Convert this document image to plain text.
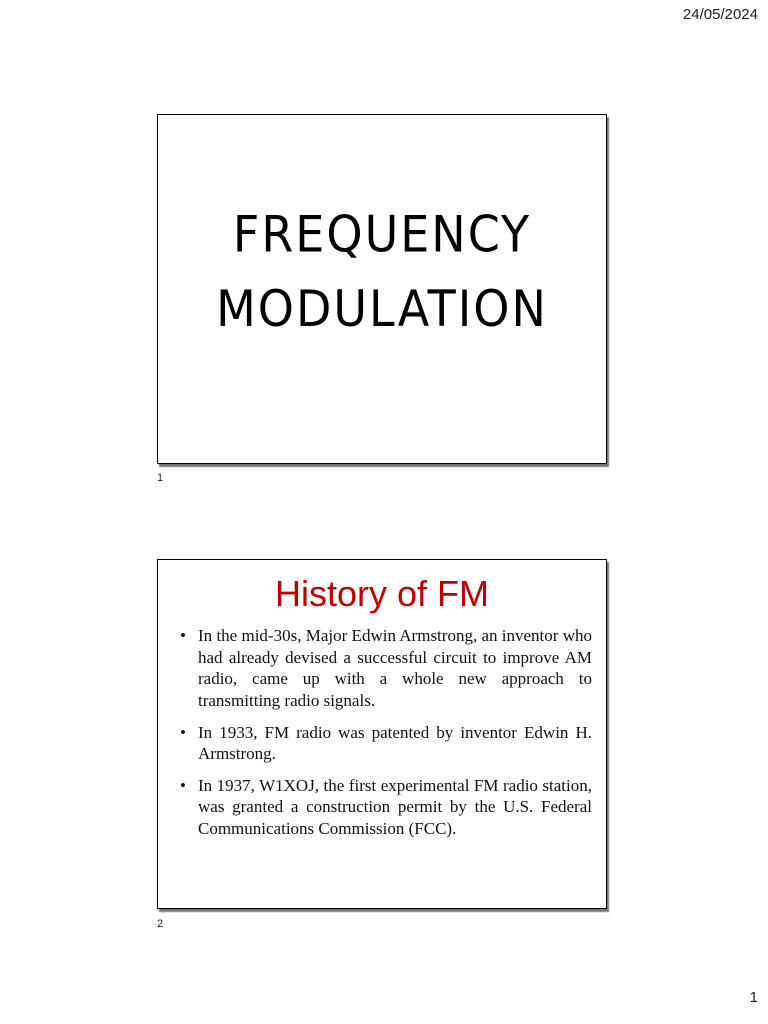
24/05/2024
FREQUENCY
MODULATION
1
History of FM
• In the mid-30s, Major Edwin Armstrong, an inventor who had already devised a successful circuit to improve AM radio, came up with a whole new approach to transmitting radio signals.
• In 1933, FM radio was patented by inventor Edwin H. Armstrong.
• In 1937, W1XOJ, the first experimental FM radio station, was granted a construction permit by the U.S. Federal Communications Commission (FCC).
2
1
